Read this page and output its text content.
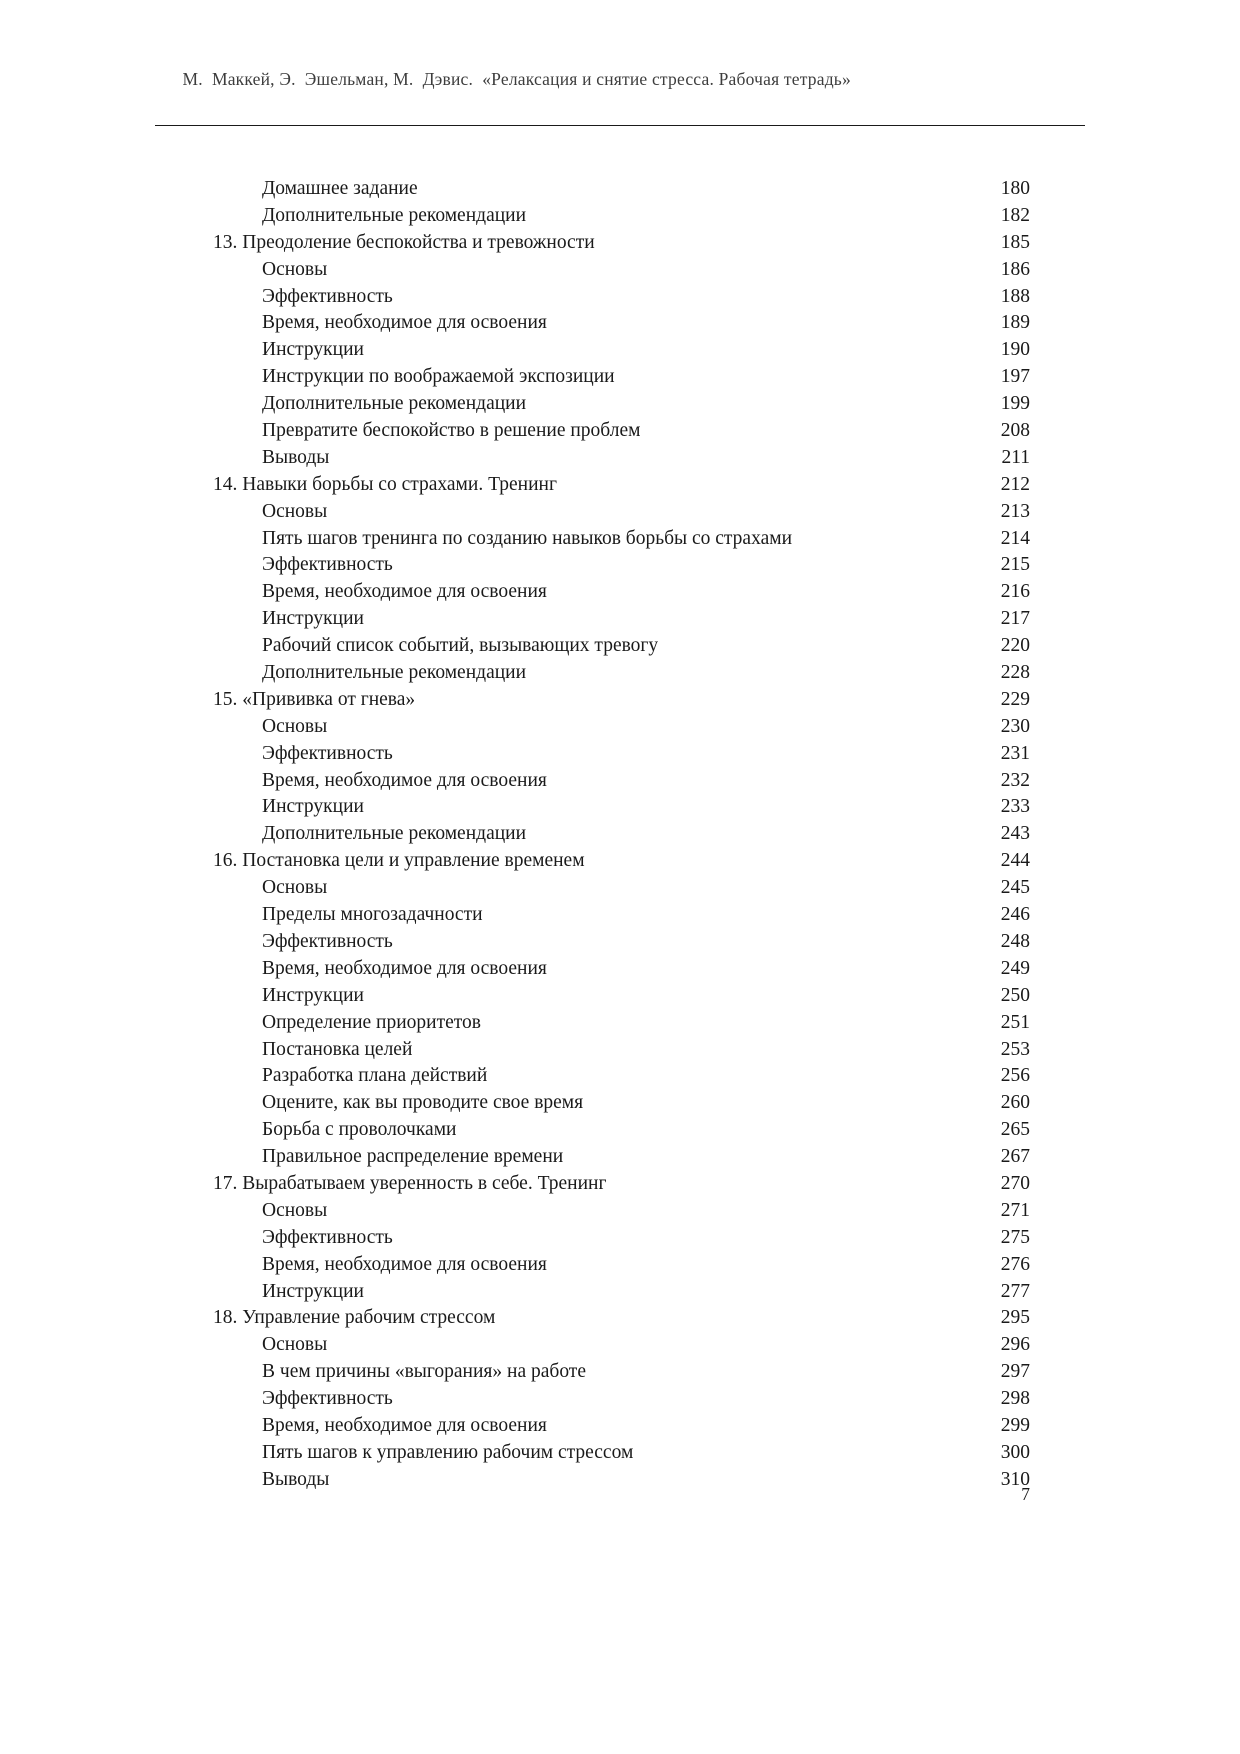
М.  Маккей, Э.  Эшельман, М.  Дэвис.  «Релаксация и снятие стресса. Рабочая тетрадь»

Домашнее задание	180
Дополнительные рекомендации	182
13. Преодоление беспокойства и тревожности	185
Основы	186
Эффективность	188
Время, необходимое для освоения	189
Инструкции	190
Инструкции по воображаемой экспозиции	197
Дополнительные рекомендации	199
Превратите беспокойство в решение проблем	208
Выводы	211
14. Навыки борьбы со страхами. Тренинг	212
Основы	213
Пять шагов тренинга по созданию навыков борьбы со страхами	214
Эффективность	215
Время, необходимое для освоения	216
Инструкции	217
Рабочий список событий, вызывающих тревогу	220
Дополнительные рекомендации	228
15. «Прививка от гнева»	229
Основы	230
Эффективность	231
Время, необходимое для освоения	232
Инструкции	233
Дополнительные рекомендации	243
16. Постановка цели и управление временем	244
Основы	245
Пределы многозадачности	246
Эффективность	248
Время, необходимое для освоения	249
Инструкции	250
Определение приоритетов	251
Постановка целей	253
Разработка плана действий	256
Оцените, как вы проводите свое время	260
Борьба с проволочками	265
Правильное распределение времени	267
17. Вырабатываем уверенность в себе. Тренинг	270
Основы	271
Эффективность	275
Время, необходимое для освоения	276
Инструкции	277
18. Управление рабочим стрессом	295
Основы	296
В чем причины «выгорания» на работе	297
Эффективность	298
Время, необходимое для освоения	299
Пять шагов к управлению рабочим стрессом	300
Выводы	310
7
